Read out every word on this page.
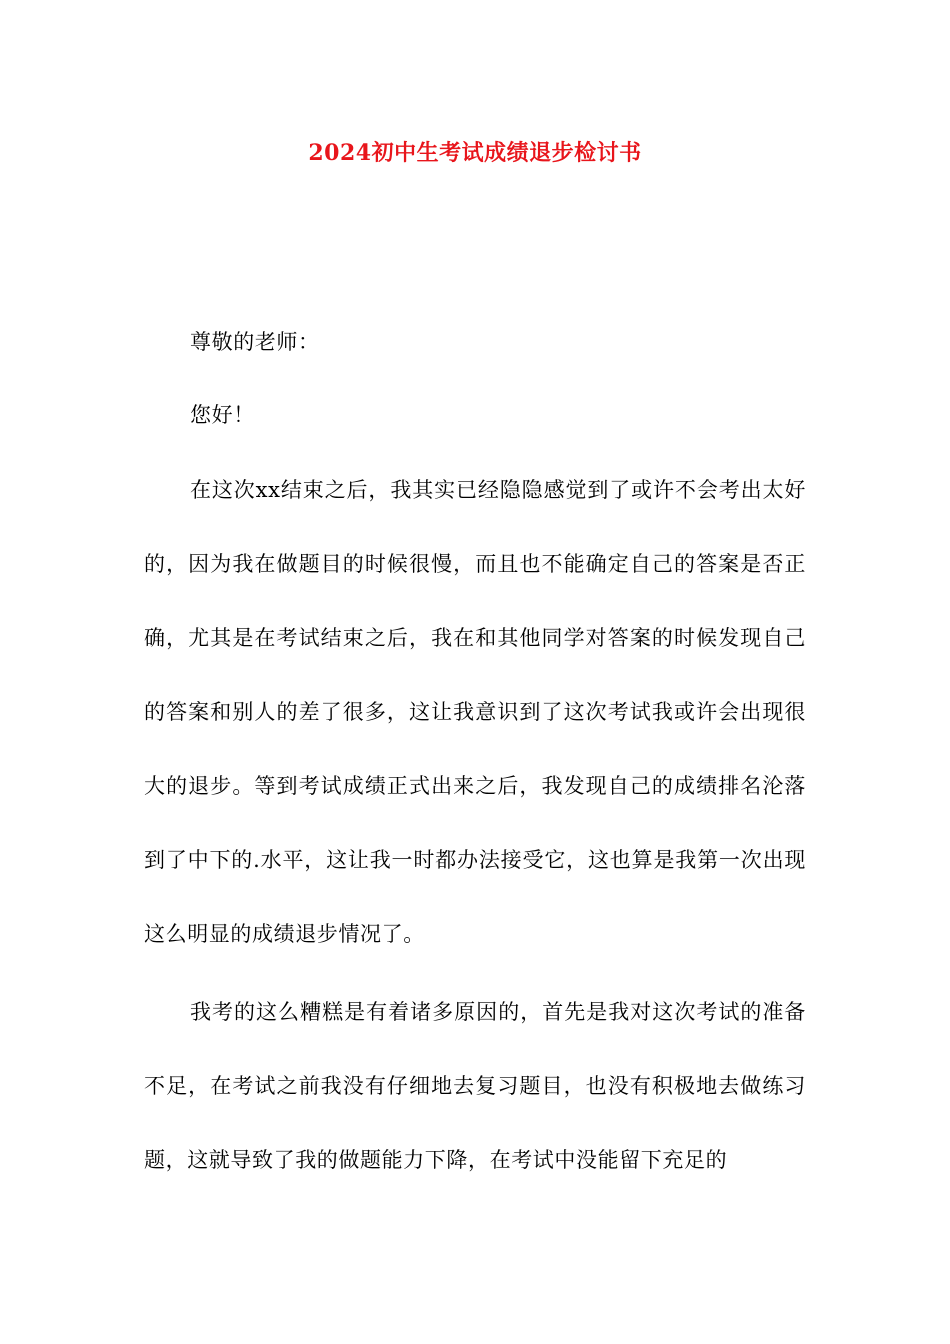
2024初中生考试成绩退步检讨书
尊敬的老师：
您好！
在这次xx结束之后，我其实已经隐隐感觉到了或许不会考出太好的，因为我在做题目的时候很慢，而且也不能确定自己的答案是否正确，尤其是在考试结束之后，我在和其他同学对答案的时候发现自己的答案和别人的差了很多，这让我意识到了这次考试我或许会出现很大的退步。等到考试成绩正式出来之后，我发现自己的成绩排名沦落到了中下的.水平，这让我一时都办法接受它，这也算是我第一次出现这么明显的成绩退步情况了。
我考的这么糟糕是有着诸多原因的，首先是我对这次考试的准备不足，在考试之前我没有仔细地去复习题目，也没有积极地去做练习题，这就导致了我的做题能力下降，在考试中没能留下充足的
